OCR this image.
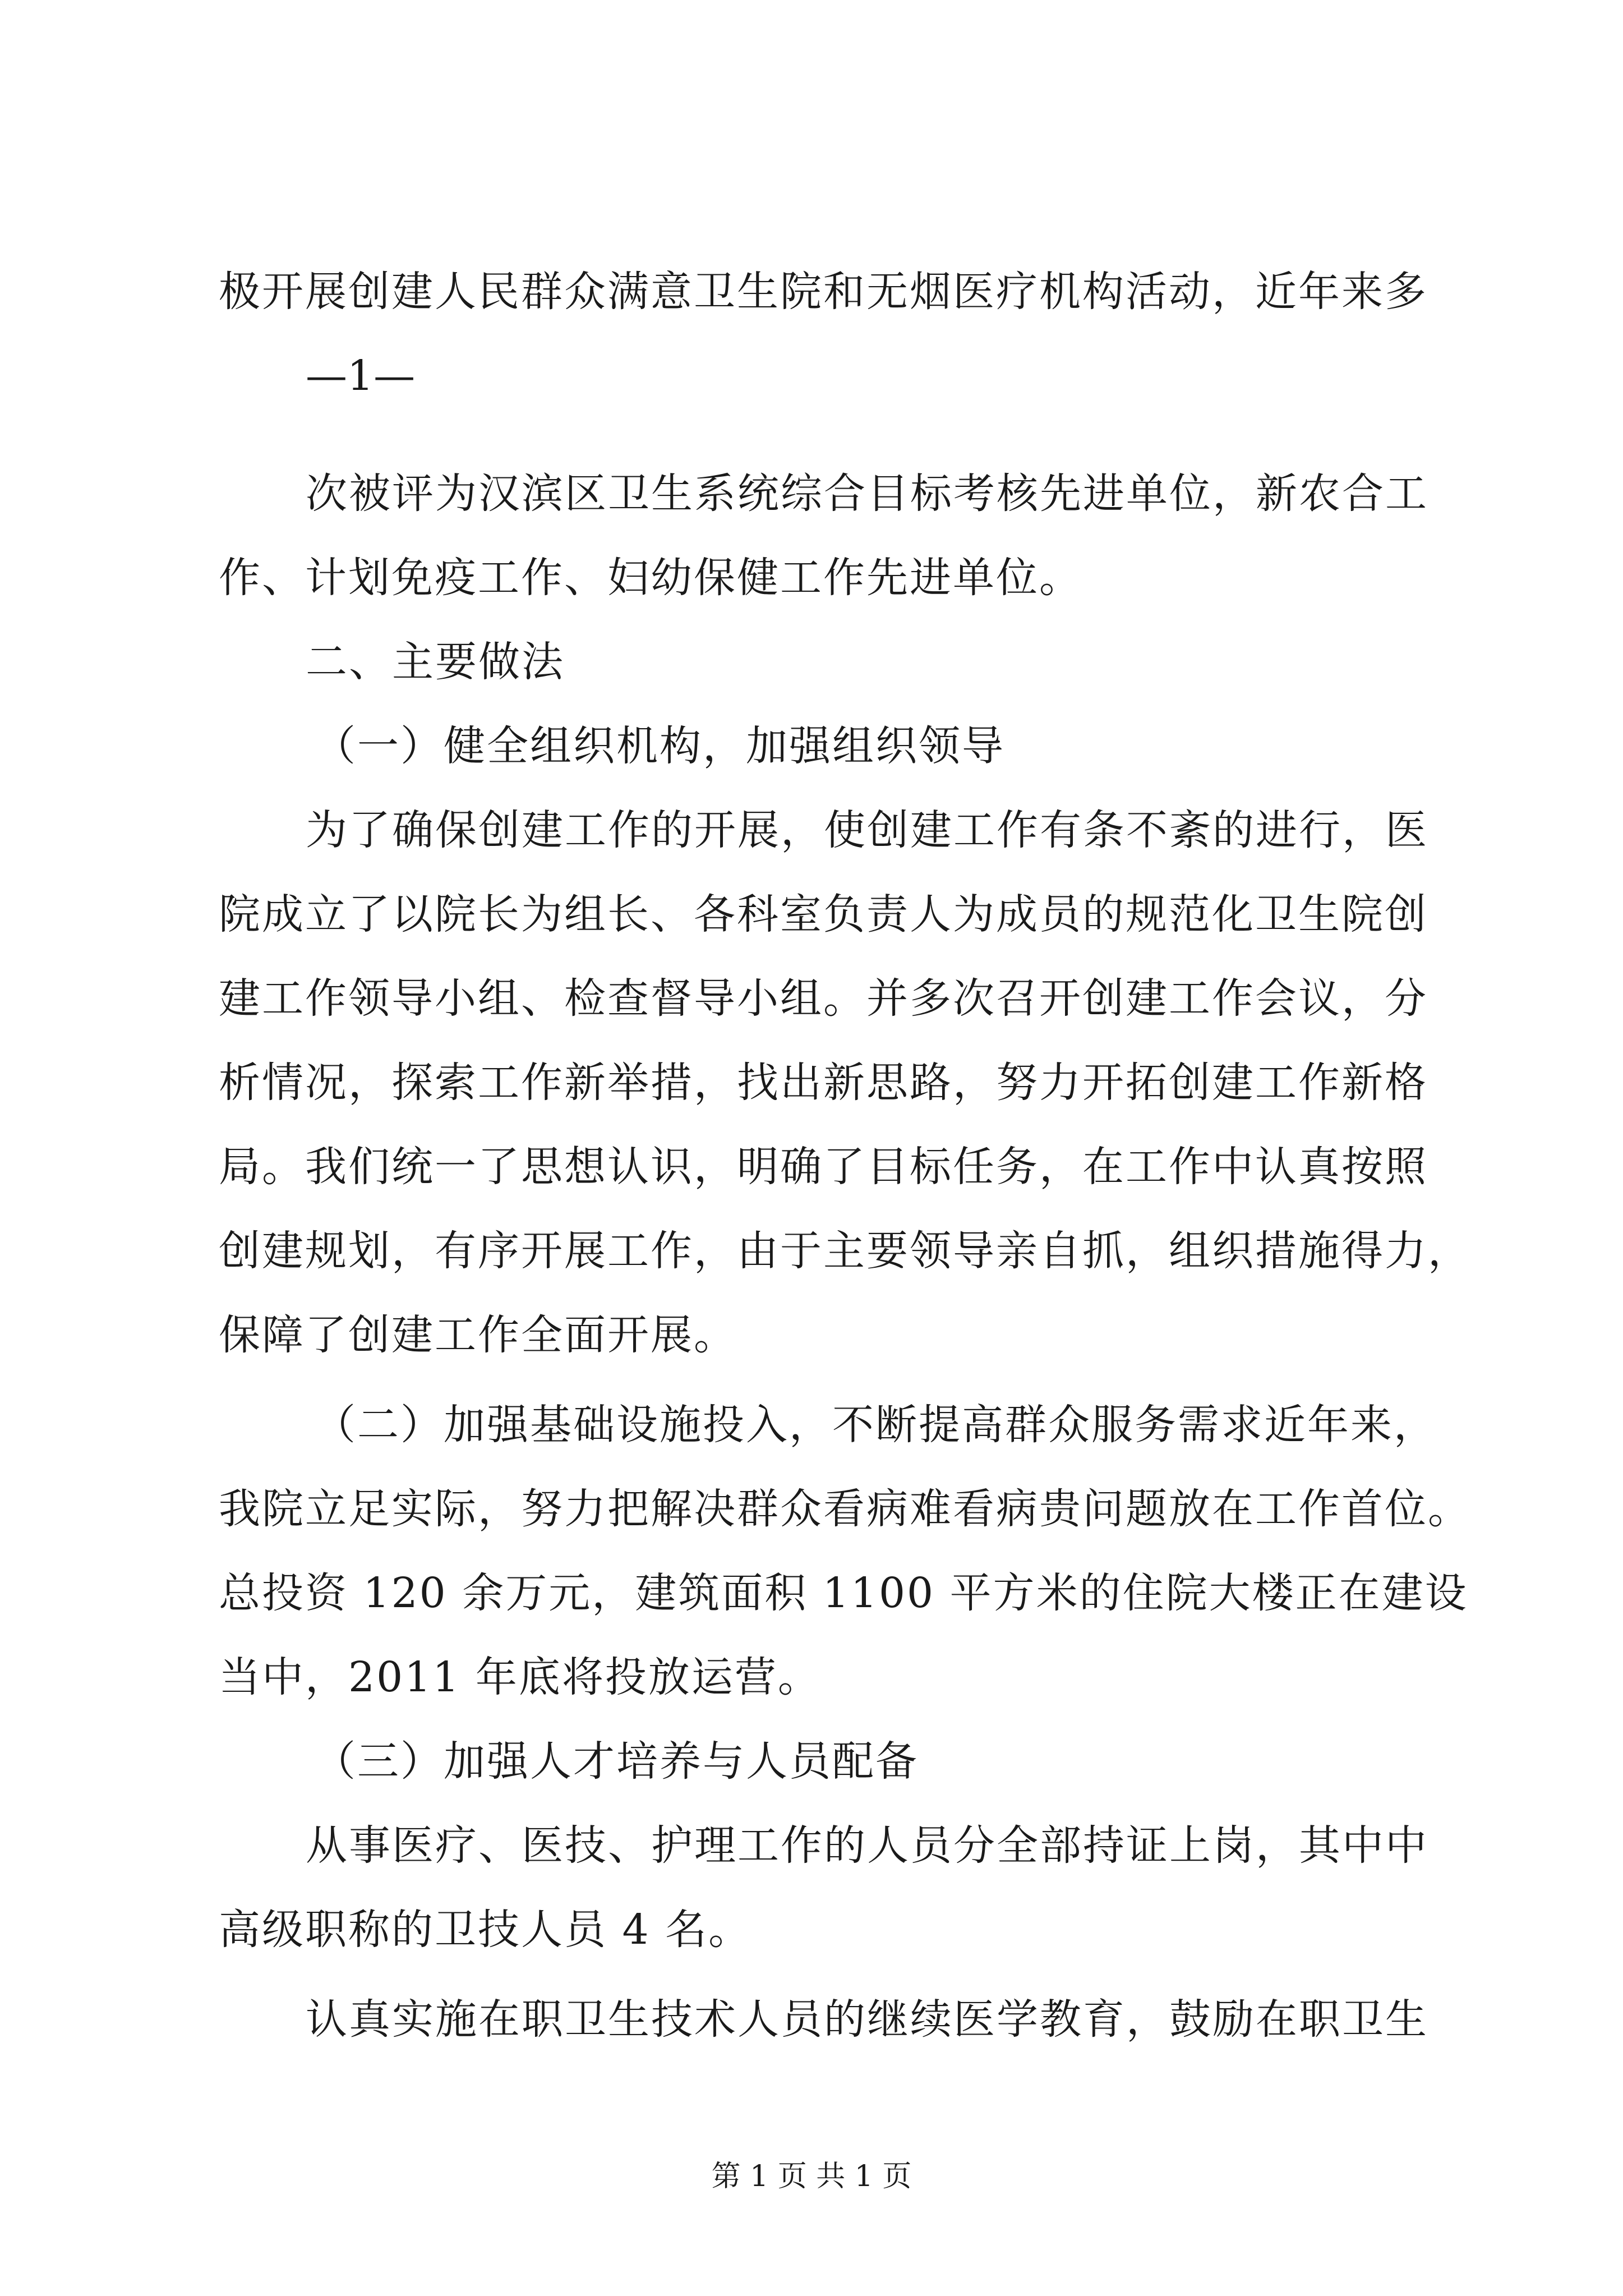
极开展创建人民群众满意卫生院和无烟医疗机构活动，近年来多
—1—
次被评为汉滨区卫生系统综合目标考核先进单位，新农合工
作、计划免疫工作、妇幼保健工作先进单位。
二、主要做法
（一）健全组织机构，加强组织领导
为了确保创建工作的开展，使创建工作有条不紊的进行，医
院成立了以院长为组长、各科室负责人为成员的规范化卫生院创
建工作领导小组、检查督导小组。并多次召开创建工作会议，分
析情况，探索工作新举措，找出新思路，努力开拓创建工作新格
局。我们统一了思想认识，明确了目标任务，在工作中认真按照
创建规划，有序开展工作，由于主要领导亲自抓，组织措施得力，
保障了创建工作全面开展。
（二）加强基础设施投入，不断提高群众服务需求近年来，
我院立足实际，努力把解决群众看病难看病贵问题放在工作首位。
总投资 120 余万元，建筑面积 1100 平方米的住院大楼正在建设
当中，2011 年底将投放运营。
（三）加强人才培养与人员配备
从事医疗、医技、护理工作的人员分全部持证上岗，其中中
高级职称的卫技人员 4 名。
认真实施在职卫生技术人员的继续医学教育，鼓励在职卫生
第 1 页 共 1 页
